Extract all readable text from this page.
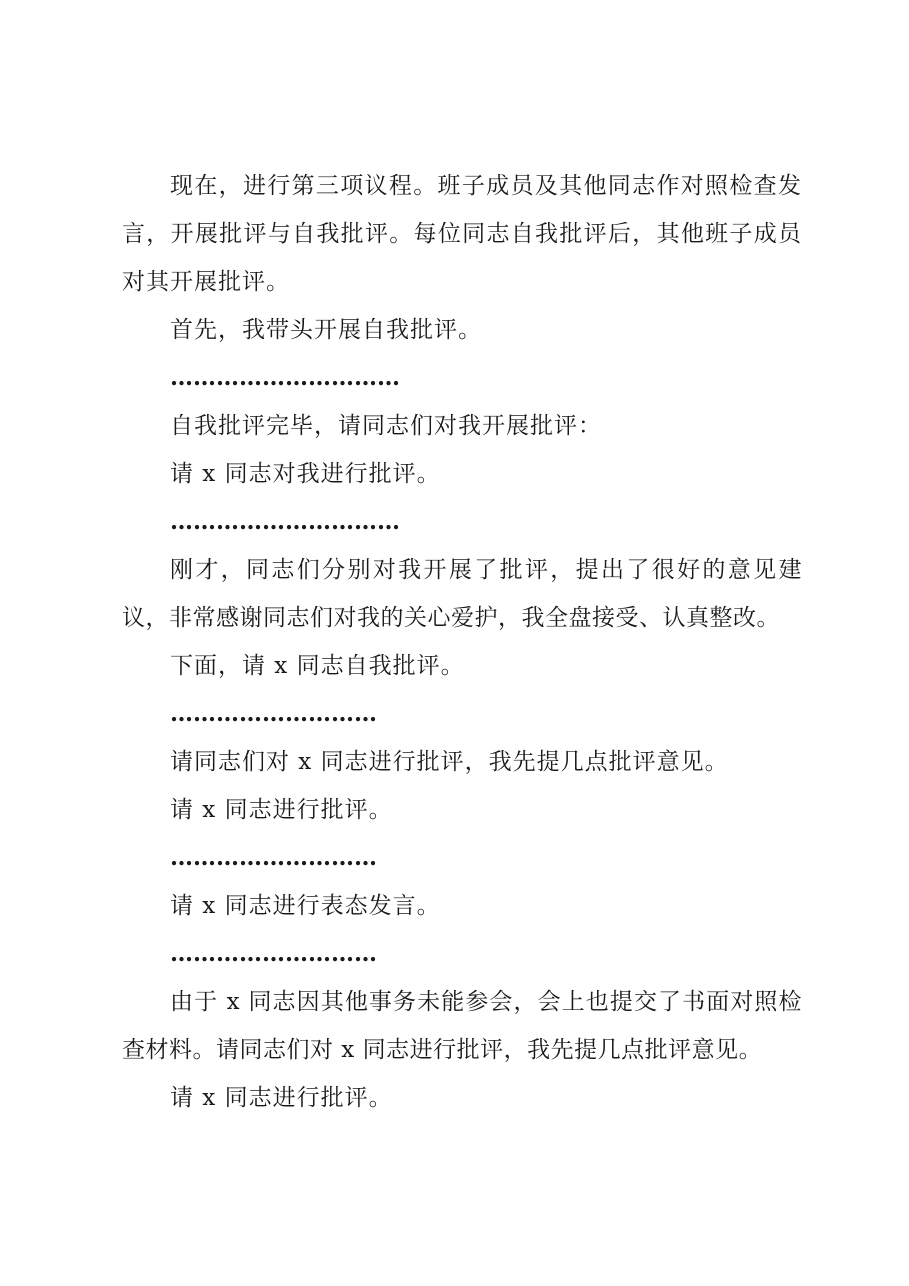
现在，进行第三项议程。班子成员及其他同志作对照检查发言，开展批评与自我批评。每位同志自我批评后，其他班子成员对其开展批评。

首先，我带头开展自我批评。

…………………………

自我批评完毕，请同志们对我开展批评：

请 x 同志对我进行批评。

…………………………

刚才，同志们分别对我开展了批评，提出了很好的意见建议，非常感谢同志们对我的关心爱护，我全盘接受、认真整改。

下面，请 x 同志自我批评。

………………………

请同志们对 x 同志进行批评，我先提几点批评意见。

请 x 同志进行批评。

………………………

请 x 同志进行表态发言。

………………………

由于 x 同志因其他事务未能参会，会上也提交了书面对照检查材料。请同志们对 x 同志进行批评，我先提几点批评意见。

请 x 同志进行批评。
